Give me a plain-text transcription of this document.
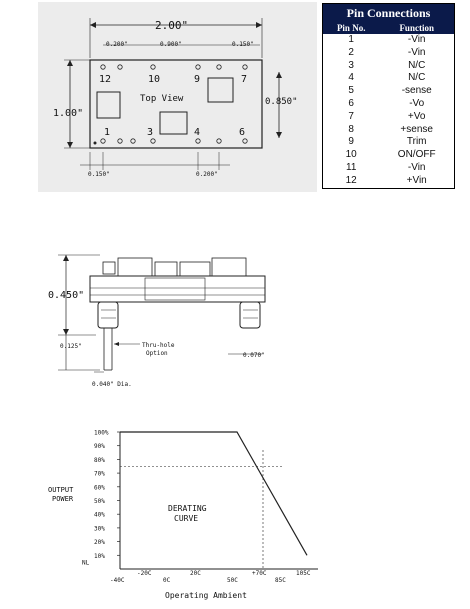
2.00"
0.200"	0.900"	0.150"
1.00"
0.850"
12	10	9	7
1	3	4	6
Top View
0.150"	0.200"
Pin Connections	
Pin No.	Function
1	-Vin
2	-Vin
3	N/C
4	N/C
5	-sense
6	-Vo
7	+Vo
8	+sense
9	Trim
10	ON/OFF
11	-Vin
12	+Vin
0.450"
0.125"	Thru-hole
Option	0.070"
0.040" Dia.
100%
90%
80%
70%
60%
50%
40%
30%
20%
10%
NL
-40C
-20C
0C
20C
50C
+70C
85C
105C
OUTPUT
POWER
DERATING
CURVE
Operating Ambient
